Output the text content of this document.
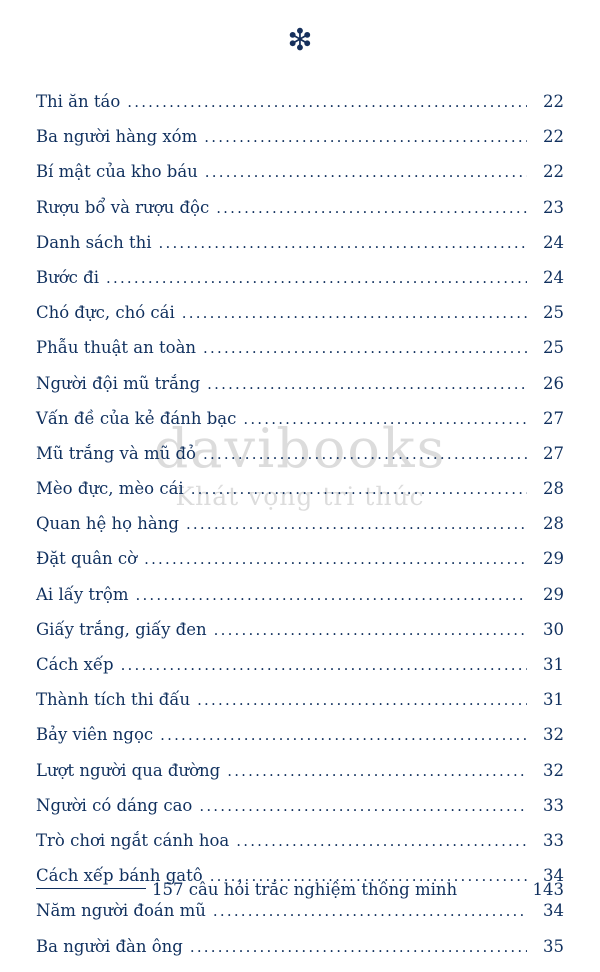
❇
davibooks
Khát vọng tri thức
Thi ăn táo .....	22
Ba người hàng xóm .....	22
Bí mật của kho báu .....	22
Rượu bổ và rượu độc .....	23
Danh sách thi .....	24
Bước đi .....	24
Chó đực, chó cái .....	25
Phẫu thuật an toàn .....	25
Người đội mũ trắng .....	26
Vấn đề của kẻ đánh bạc .....	27
Mũ trắng và mũ đỏ .....	27
Mèo đực, mèo cái .....	28
Quan hệ họ hàng .....	28
Đặt quân cờ .....	29
Ai lấy trộm .....	29
Giấy trắng, giấy đen .....	30
Cách xếp .....	31
Thành tích thi đấu .....	31
Bảy viên ngọc .....	32
Lượt người qua đường .....	32
Người có dáng cao .....	33
Trò chơi ngắt cánh hoa .....	33
Cách xếp bánh gatô .....	34
Năm người đoán mũ .....	34
Ba người đàn ông .....	35
157 câu hỏi trắc nghiệm thông minh	143
